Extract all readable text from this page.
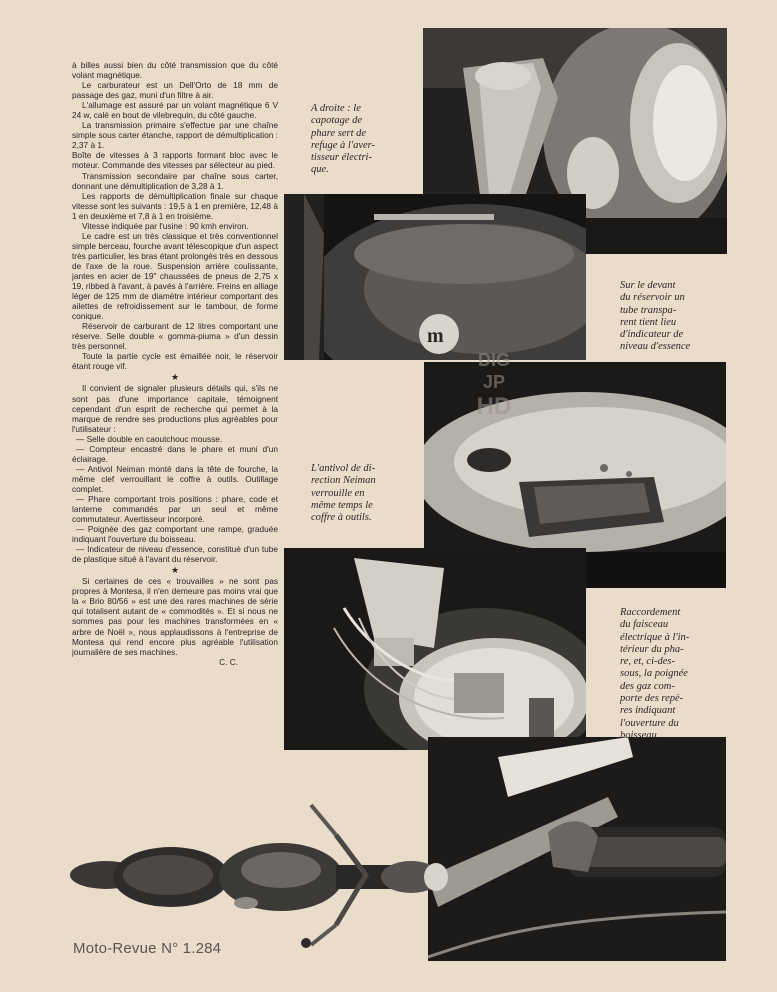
à billes aussi bien du côté transmission que du côté volant magnétique.

Le carburateur est un Dell'Orto de 18 mm de passage des gaz, muni d'un filtre à air.

L'allumage est assuré par un volant magnétique 6 V 24 w, calé en bout de vilebrequin, du côté gauche.

La transmission primaire s'effectue par une chaîne simple sous carter étanche, rapport de démultiplication : 2,37 à 1.

Boîte de vitesses à 3 rapports formant bloc avec le moteur. Commande des vitesses par sélecteur au pied.

Transmission secondaire par chaîne sous carter, donnant une démultiplication de 3,28 à 1.

Les rapports de démultiplication finale sur chaque vitesse sont les suivants : 19,5 à 1 en première, 12,48 à 1 en deuxième et 7,8 à 1 en troisième.

Vitesse indiquée par l'usine : 90 kmh environ.

Le cadre est un très classique et très conventionnel simple berceau, fourche avant télescopique d'un aspect très particulier, les bras étant prolongés très en dessous de l'axe de la roue. Suspension arrière coulissante, jantes en acier de 19" chaussées de pneus de 2,75 x 19, ribbed à l'avant, à pavés à l'arrière. Freins en alliage léger de 125 mm de diamètre intérieur comportant des ailettes de refroidissement sur le tambour, de forme conique.

Réservoir de carburant de 12 litres comportant une réserve. Selle double « gomma-piuma » d'un dessin très personnel.

Toute la partie cycle est émaillée noir, le réservoir étant rouge vif.

★

Il convient de signaler plusieurs détails qui, s'ils ne sont pas d'une importance capitale, témoignent cependant d'un esprit de recherche qui permet à la marque de rendre ses productions plus agréables pour l'utilisateur :

— Selle double en caoutchouc mousse.

— Compteur encastré dans le phare et muni d'un éclairage.

— Antivol Neiman monté dans la tête de fourche, la même clef verrouillant le coffre à outils. Outillage complet.

— Phare comportant trois positions : phare, code et lanterne commandés par un seul et même commutateur. Avertisseur incorporé.

— Poignée des gaz comportant une rampe, graduée indiquant l'ouverture du boisseau.

— Indicateur de niveau d'essence, constitué d'un tube de plastique situé à l'avant du réservoir.

★

Si certaines de ces « trouvailles » ne sont pas propres à Montesa, il n'en demeure pas moins vrai que la « Brio 80/56 » est une des rares machines de série qui totalisent autant de « commodités ». Et si nous ne sommes pas pour les machines transformées en « arbre de Noël », nous applaudissons à l'entreprise de Montesa qui rend encore plus agréable l'utilisation journalière de ses machines.

C. C.

m
A droite : le
capotage de
phare sert de
refuge à l'aver-
tisseur électri-
que.
Sur le devant
du réservoir un
tube transpa-
rent tient lieu
d'indicateur de
niveau d'essence
L'antivol de di-
rection Neiman
verrouille en
même temps le
coffre à outils.
Raccordement
du faisceau
électrique à l'in-
térieur du pha-
re, et, ci-des-
sous, la poignée
des gaz com-
porte des repè-
res indiquant
l'ouverture du
boisseau.
DIG
JP
HD
Moto-Revue N° 1.284
